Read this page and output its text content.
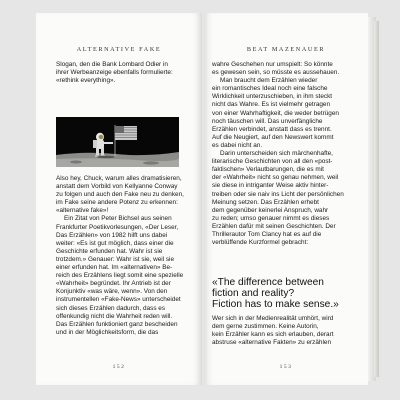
ALTERNATIVE FAKE
Slogan, den die Bank Lombard Odier in
ihrer Werbeanzeige ebenfalls formulierte:
«rethink everything».
Also hey, Chuck, warum alles dramatisieren,
anstatt dem Vorbild von Kellyanne Conway
zu folgen und auch den Fake neu zu denken,
im Fake seine andere Potenz zu erkennen:
«alternative fake»!
Ein Zitat von Peter Bichsel aus seinen
Frankfurter Poetikvorlesungen, «Der Leser,
Das Erzählen» von 1982 hilft uns dabei
weiter: «Es ist gut möglich, dass einer die
Geschichte erfunden hat. Wahr ist sie
trotzdem.» Genauer: Wahr ist sie, weil sie
einer erfunden hat. Im «alternativen» Be-
reich des Erzählens liegt somit eine spezielle
«Wahrheit» begründet. Ihr Antrieb ist der
Konjunktiv «was wäre, wenn». Von den
instrumentellen «Fake-News» unterscheidet
sich dieses Erzählen dadurch, dass es
offenkundig nicht die Wahrheit reden will.
Das Erzählen funktioniert ganz bescheiden
und in der Möglichkeitsform, die das
152
BEAT MAZENAUER
wahre Geschehen nur umspielt: So könnte
es gewesen sein, so müsste es aussehauen.
Man braucht dem Erzählen wieder
ein romantisches Ideal noch eine falsche
Wirklichkeit unterzuschieben, in ihm steckt
nicht das Wahre. Es ist vielmehr getragen
von einer Wahrhaftigkeit, die weder betrügen
noch täuschen will. Das unverfängliche
Erzählen verbindet, anstatt dass es trennt.
Auf die Neugiert, auf den Newswert kommt
es dabei nicht an.
Darin unterscheiden sich märchenhafte,
literarische Geschichten von all den «post-
faktischen» Verlautbarungen, die es mit
der «Wahrheit» nicht so genau nehmen, weil
sie diese in intriganter Weise aktiv hinter-
treiben oder sie naiv ins Licht der persönlichen
Meinung setzen. Das Erzählen erhebt
dem gegenüber keinerlei Anspruch, wahr
zu reden; umso genauer nimmt es dieses
Erzählen dafür mit seinen Geschichten. Der
Thrillerautor Tom Clancy hat es auf die
verblüffende Kurzformel gebracht:
«The difference between
fiction and reality?
Fiction has to make sense.»
Wer sich in der Medienrealität umhört, wird
dem gerne zustimmen. Keine Autorin,
kein Erzähler kann es sich erlauben, derart
abstruse «alternative Fakten» zu erzählen
153
